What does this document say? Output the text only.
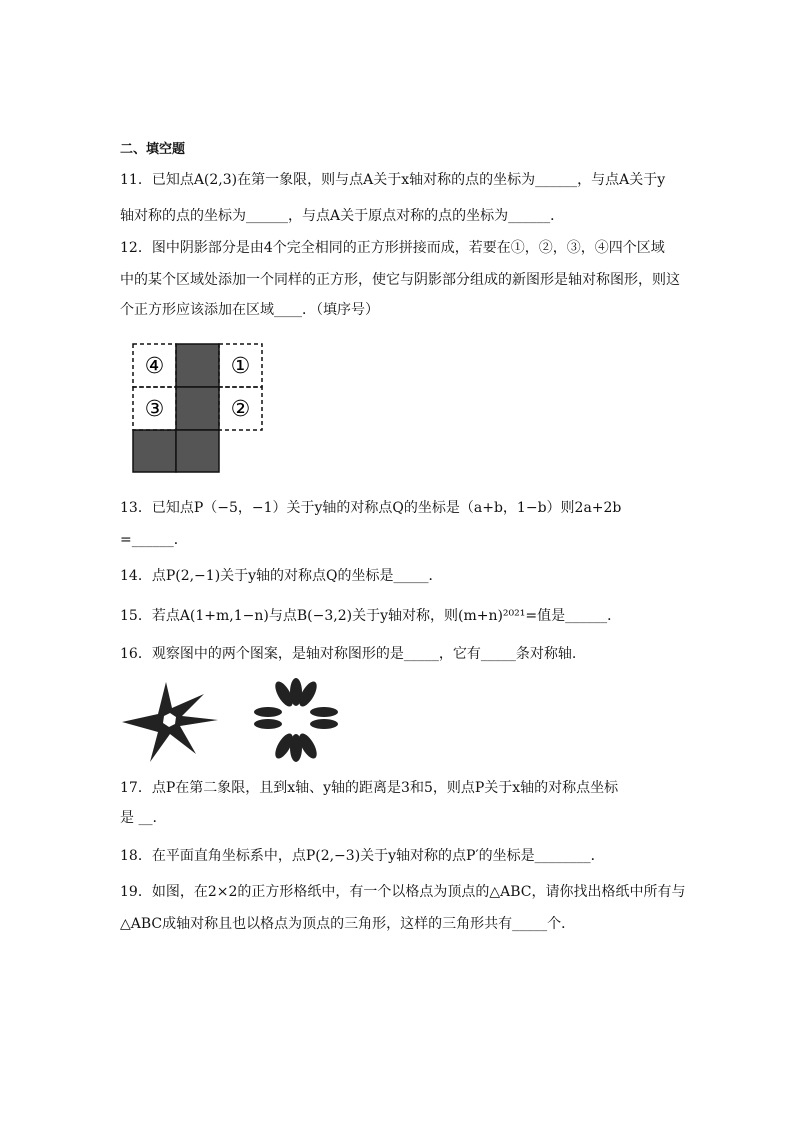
二、填空题
11．已知点A(2,3)在第一象限，则与点A关于x轴对称的点的坐标为______，与点A关于y
轴对称的点的坐标为______，与点A关于原点对称的点的坐标为______．
12．图中阴影部分是由4个完全相同的正方形拼接而成，若要在①，②，③，④四个区域
中的某个区域处添加一个同样的正方形，使它与阴影部分组成的新图形是轴对称图形，则这
个正方形应该添加在区域____．（填序号）
④	①
③	②
13．已知点P（−5，−1）关于y轴的对称点Q的坐标是（a+b，1−b）则2a+2b
=______．
14．点P(2,−1)关于y轴的对称点Q的坐标是_____．
15．若点A(1+m,1−n)与点B(−3,2)关于y轴对称，则(m+n)²⁰²¹=值是______．
16．观察图中的两个图案，是轴对称图形的是_____，它有_____条对称轴.
17．点P在第二象限，且到x轴、y轴的距离是3和5，则点P关于x轴的对称点坐标
是 __.
18．在平面直角坐标系中，点P(2,−3)关于y轴对称的点P′的坐标是________．
19．如图，在2×2的正方形格纸中，有一个以格点为顶点的△ABC，请你找出格纸中所有与
△ABC成轴对称且也以格点为顶点的三角形，这样的三角形共有_____个．
